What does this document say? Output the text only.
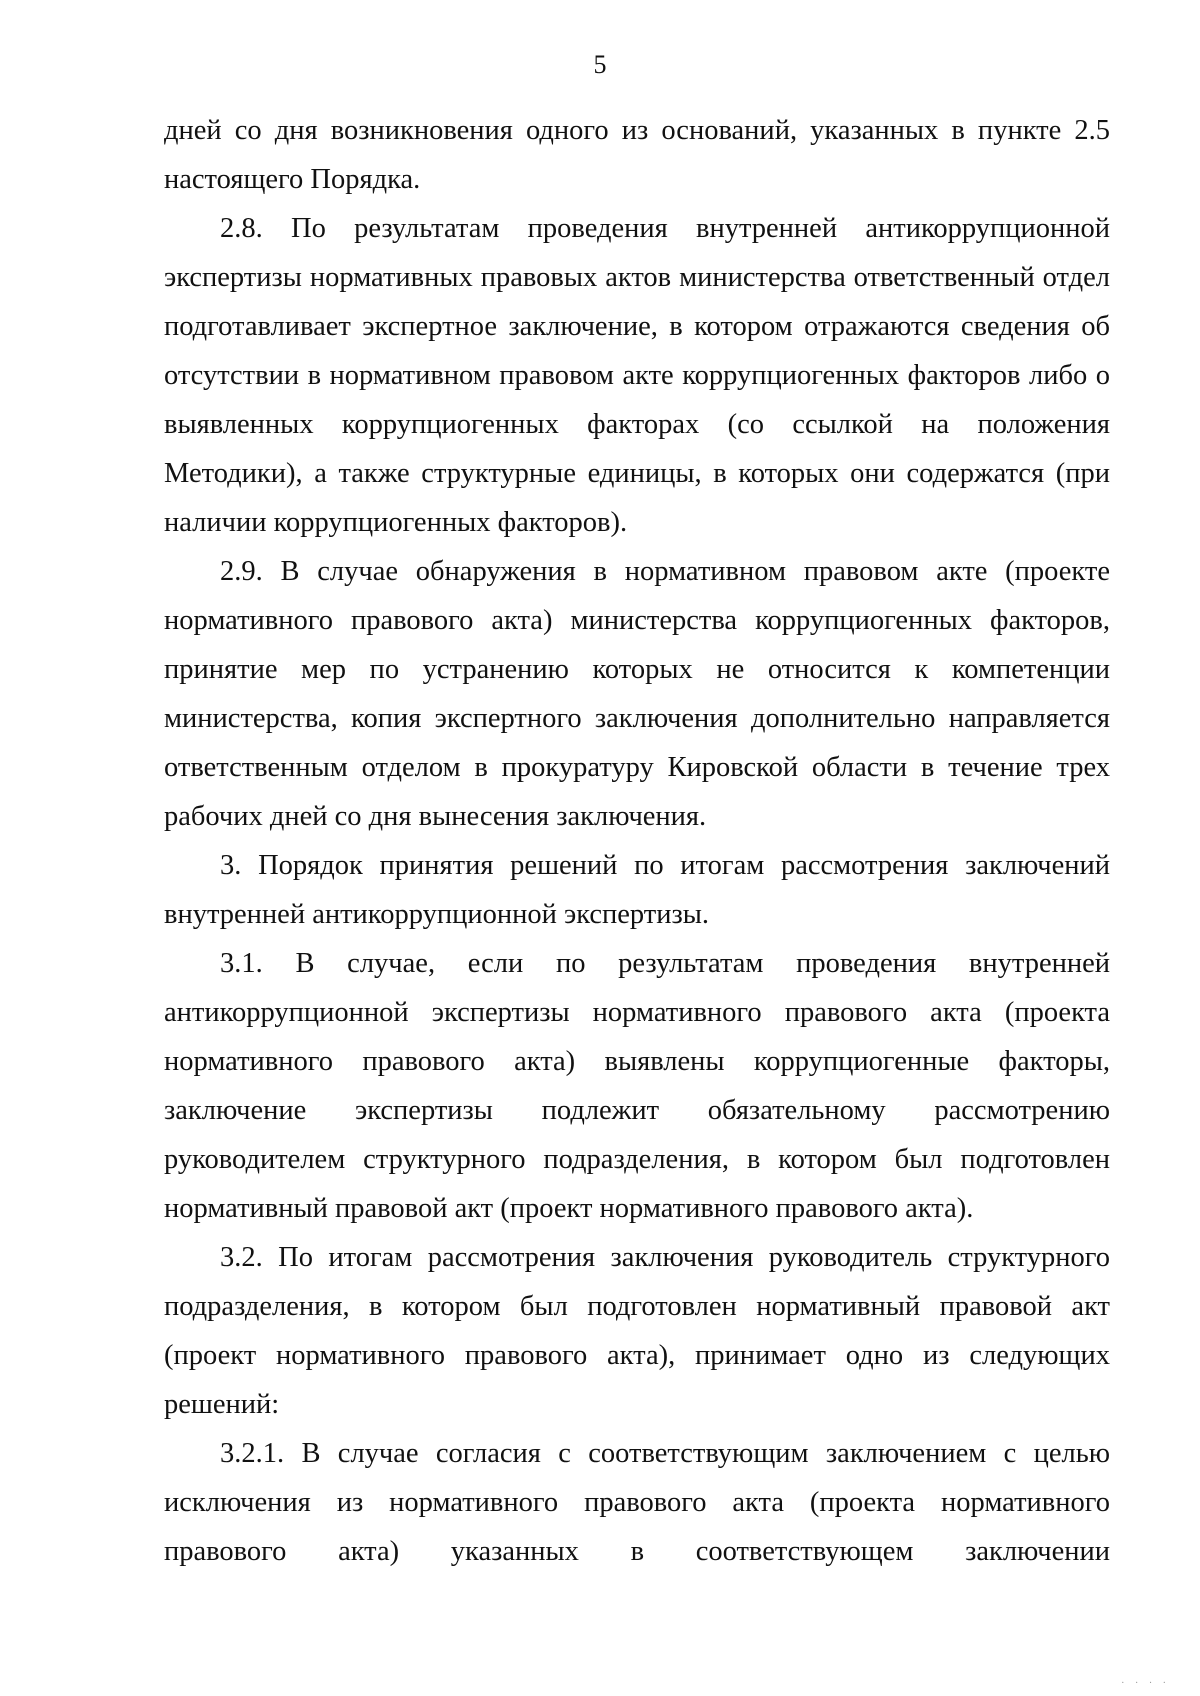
5

дней со дня возникновения одного из оснований, указанных в пункте 2.5 настоящего Порядка.

2.8. По результатам проведения внутренней антикоррупционной экспертизы нормативных правовых актов министерства ответственный отдел подготавливает экспертное заключение, в котором отражаются сведения об отсутствии в нормативном правовом акте коррупциогенных факторов либо о выявленных коррупциогенных факторах (со ссылкой на положения Методики), а также структурные единицы, в которых они содержатся (при наличии коррупциогенных факторов).

2.9. В случае обнаружения в нормативном правовом акте (проекте нормативного правового акта) министерства коррупциогенных факторов, принятие мер по устранению которых не относится к компетенции министерства, копия экспертного заключения дополнительно направляется ответственным отделом в прокуратуру Кировской области в течение трех рабочих дней со дня вынесения заключения.

3. Порядок принятия решений по итогам рассмотрения заключений внутренней антикоррупционной экспертизы.

3.1. В случае, если по результатам проведения внутренней антикоррупционной экспертизы нормативного правового акта (проекта нормативного правового акта) выявлены коррупциогенные факторы, заключение экспертизы подлежит обязательному рассмотрению руководителем структурного подразделения, в котором был подготовлен нормативный правовой акт (проект нормативного правового акта).

3.2. По итогам рассмотрения заключения руководитель структурного подразделения, в котором был подготовлен нормативный правовой акт (проект нормативного правового акта), принимает одно из следующих решений:

3.2.1. В случае согласия с соответствующим заключением с целью исключения из нормативного правового акта (проекта нормативного правового акта) указанных в соответствующем заключении

· · · ·
